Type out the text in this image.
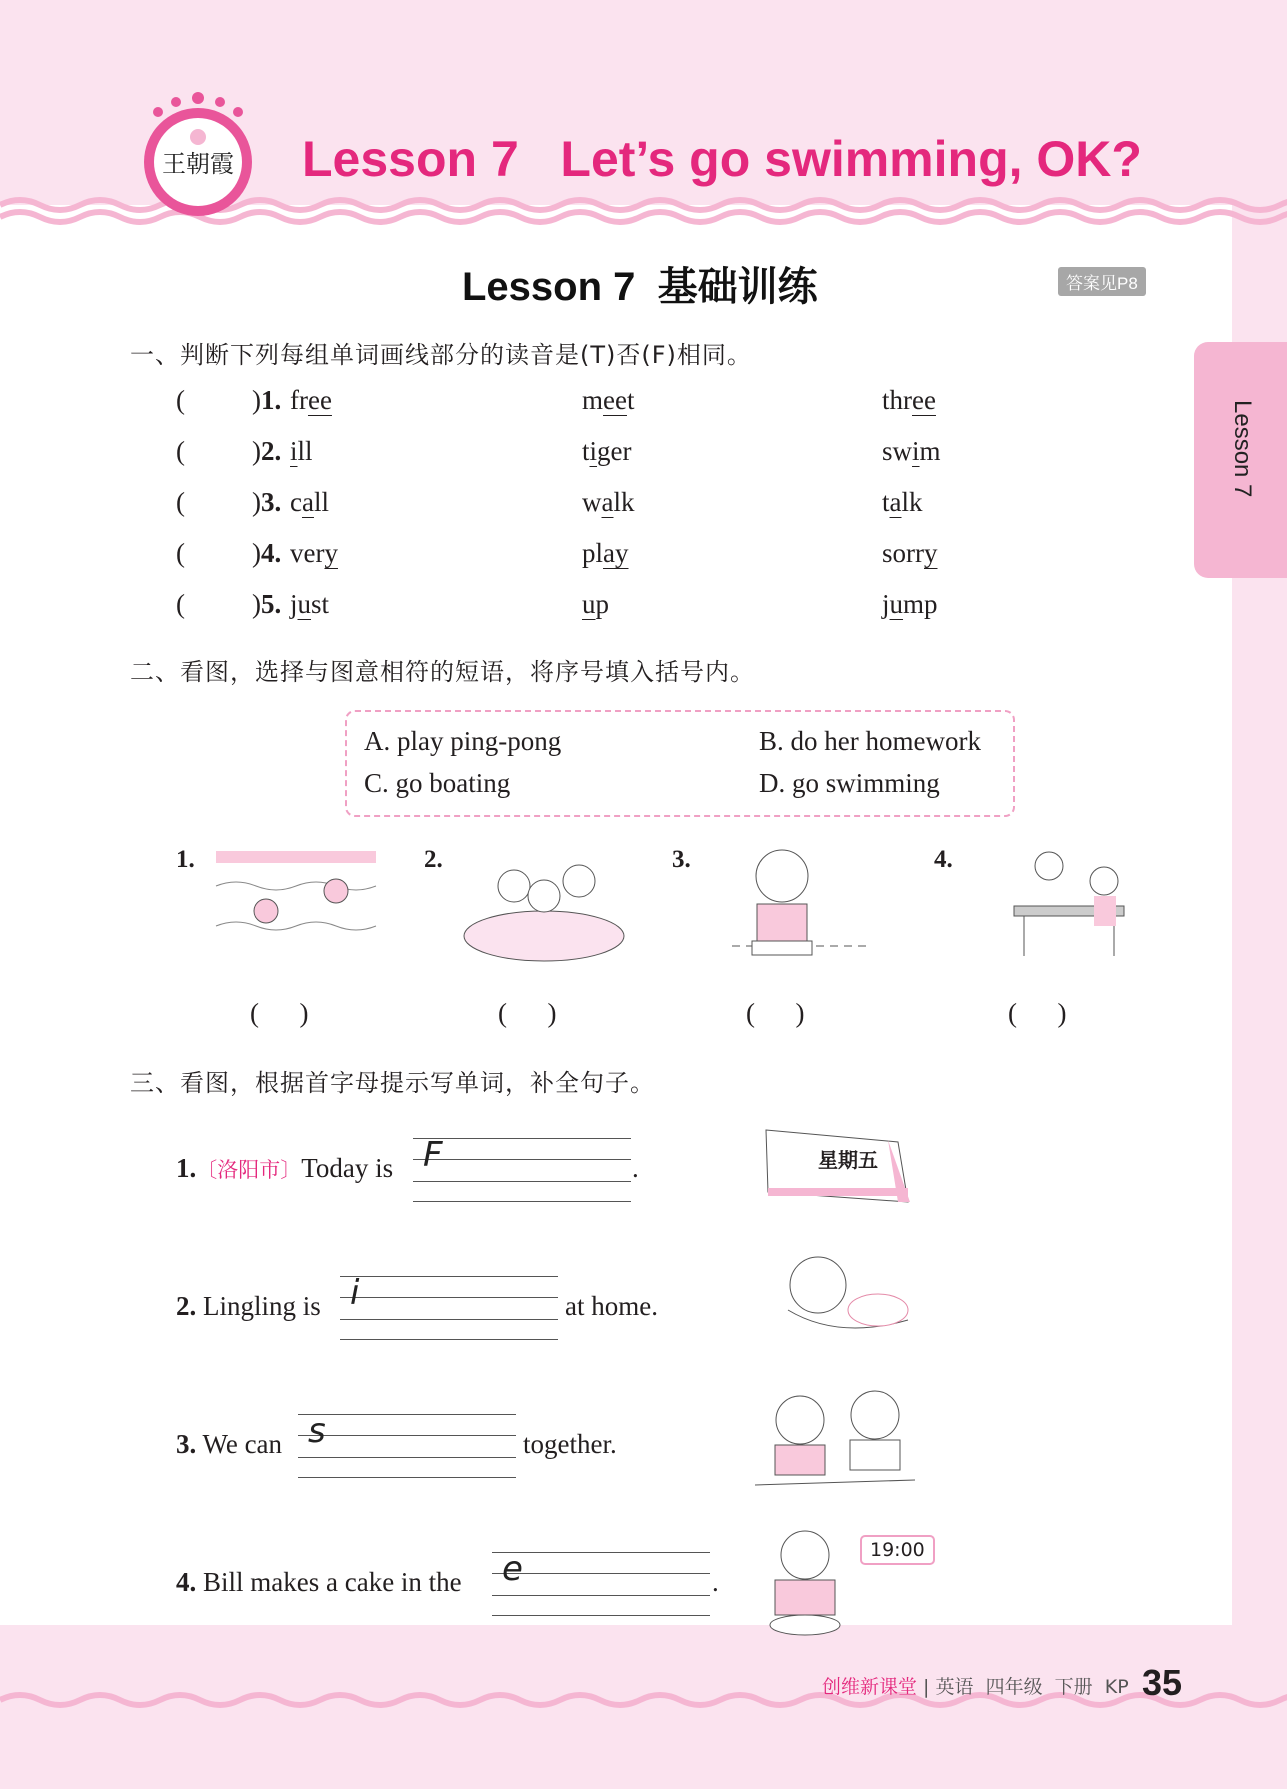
王朝霞 Lesson 7   Let’s go swimming, OK?
Lesson 7  基础训练	答案见P8
Lesson 7
一、判断下列每组单词画线部分的读音是(T)否(F)相同。
( )1. free	meet	three
( )2. ill	tiger	swim
( )3. call	walk	talk
( )4. very	play	sorry
( )5. just	up	jump
二、看图，选择与图意相符的短语，将序号填入括号内。
A. play ping-pong	B. do her homework
C. go boating	D. go swimming
1.
(      )
2.
(      )
3.
(      )
4.
(      )
三、看图，根据首字母提示写单词，补全句子。
1.〔洛阳市〕Today is F	.
2. Lingling is i	at home.
3. We can s	together.
4. Bill makes a cake in the e	.
星期五
19:00
创维新课堂 | 英语  四年级  下册  KP 35
